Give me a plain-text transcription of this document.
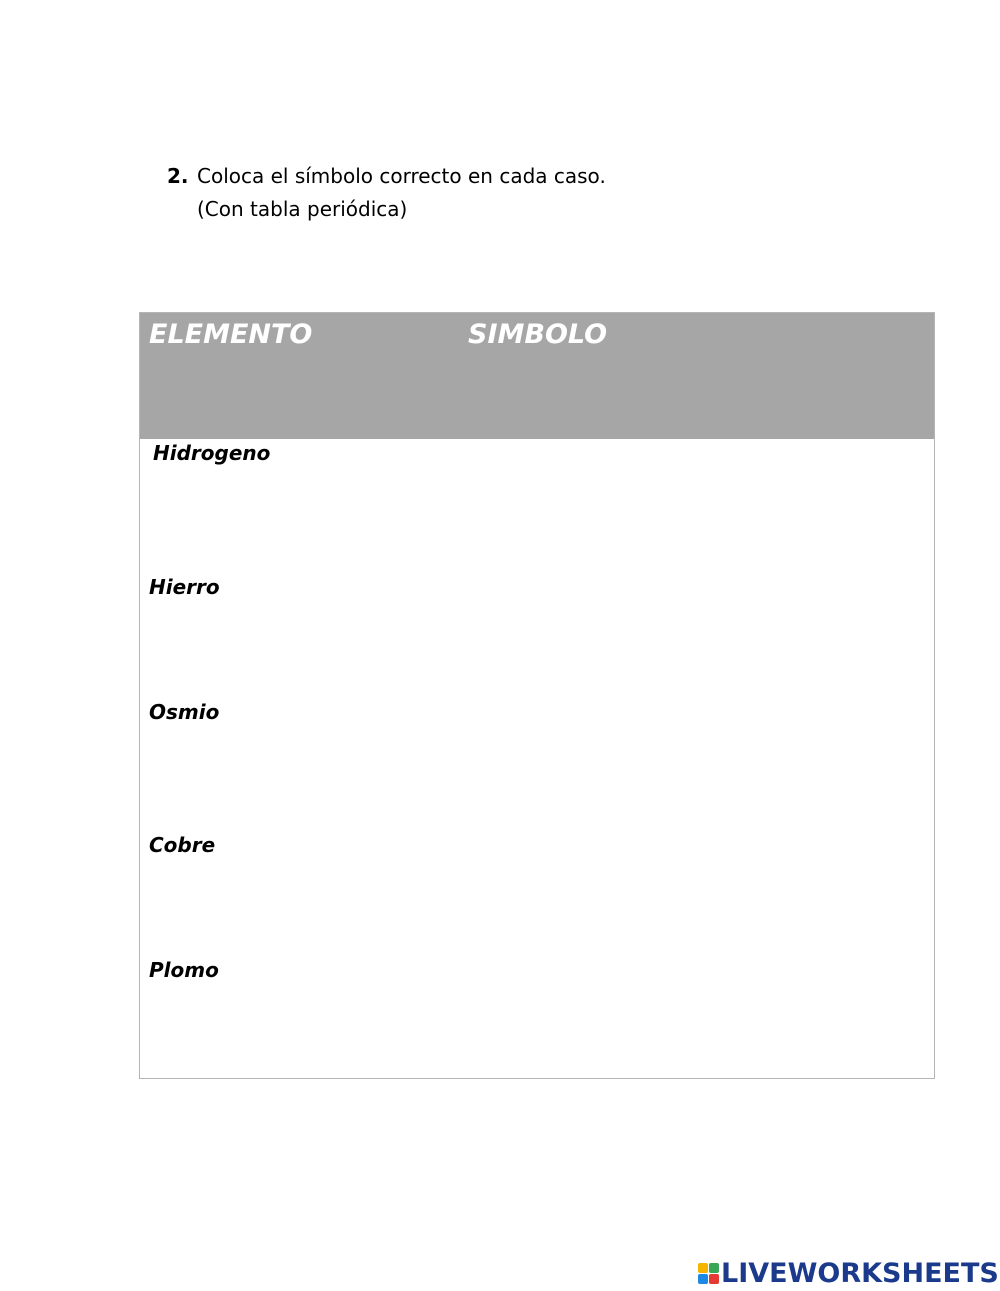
2. Coloca el símbolo correcto en cada caso.
(Con tabla periódica)
ELEMENTO	SIMBOLO
Hidrogeno
Hierro
Osmio
Cobre
Plomo
LIVEWORKSHEETS
